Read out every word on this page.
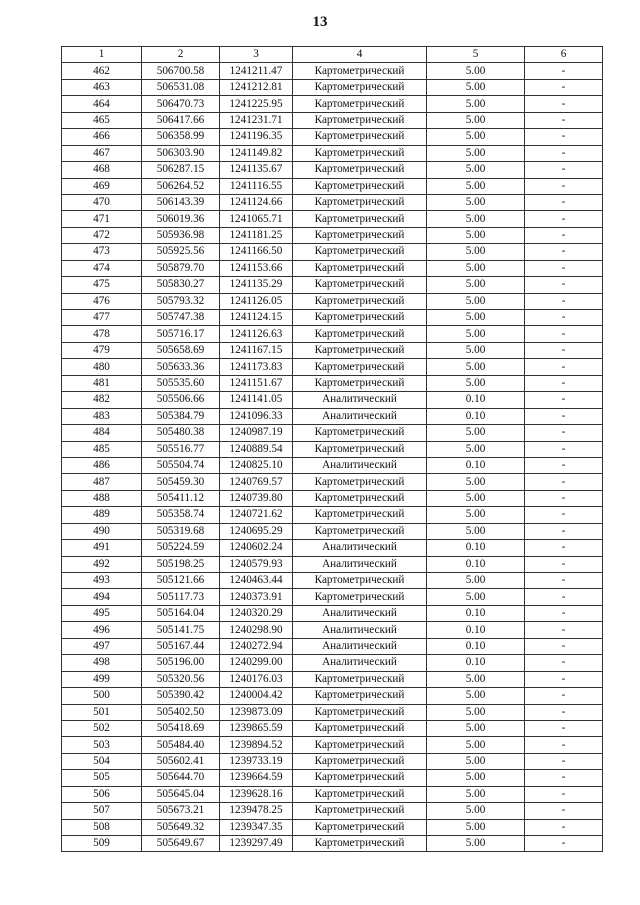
13
1	2	3	4	5	6
462	506700.58	1241211.47	Картометрический	5.00	-
463	506531.08	1241212.81	Картометрический	5.00	-
464	506470.73	1241225.95	Картометрический	5.00	-
465	506417.66	1241231.71	Картометрический	5.00	-
466	506358.99	1241196.35	Картометрический	5.00	-
467	506303.90	1241149.82	Картометрический	5.00	-
468	506287.15	1241135.67	Картометрический	5.00	-
469	506264.52	1241116.55	Картометрический	5.00	-
470	506143.39	1241124.66	Картометрический	5.00	-
471	506019.36	1241065.71	Картометрический	5.00	-
472	505936.98	1241181.25	Картометрический	5.00	-
473	505925.56	1241166.50	Картометрический	5.00	-
474	505879.70	1241153.66	Картометрический	5.00	-
475	505830.27	1241135.29	Картометрический	5.00	-
476	505793.32	1241126.05	Картометрический	5.00	-
477	505747.38	1241124.15	Картометрический	5.00	-
478	505716.17	1241126.63	Картометрический	5.00	-
479	505658.69	1241167.15	Картометрический	5.00	-
480	505633.36	1241173.83	Картометрический	5.00	-
481	505535.60	1241151.67	Картометрический	5.00	-
482	505506.66	1241141.05	Аналитический	0.10	-
483	505384.79	1241096.33	Аналитический	0.10	-
484	505480.38	1240987.19	Картометрический	5.00	-
485	505516.77	1240889.54	Картометрический	5.00	-
486	505504.74	1240825.10	Аналитический	0.10	-
487	505459.30	1240769.57	Картометрический	5.00	-
488	505411.12	1240739.80	Картометрический	5.00	-
489	505358.74	1240721.62	Картометрический	5.00	-
490	505319.68	1240695.29	Картометрический	5.00	-
491	505224.59	1240602.24	Аналитический	0.10	-
492	505198.25	1240579.93	Аналитический	0.10	-
493	505121.66	1240463.44	Картометрический	5.00	-
494	505117.73	1240373.91	Картометрический	5.00	-
495	505164.04	1240320.29	Аналитический	0.10	-
496	505141.75	1240298.90	Аналитический	0.10	-
497	505167.44	1240272.94	Аналитический	0.10	-
498	505196.00	1240299.00	Аналитический	0.10	-
499	505320.56	1240176.03	Картометрический	5.00	-
500	505390.42	1240004.42	Картометрический	5.00	-
501	505402.50	1239873.09	Картометрический	5.00	-
502	505418.69	1239865.59	Картометрический	5.00	-
503	505484.40	1239894.52	Картометрический	5.00	-
504	505602.41	1239733.19	Картометрический	5.00	-
505	505644.70	1239664.59	Картометрический	5.00	-
506	505645.04	1239628.16	Картометрический	5.00	-
507	505673.21	1239478.25	Картометрический	5.00	-
508	505649.32	1239347.35	Картометрический	5.00	-
509	505649.67	1239297.49	Картометрический	5.00	-
